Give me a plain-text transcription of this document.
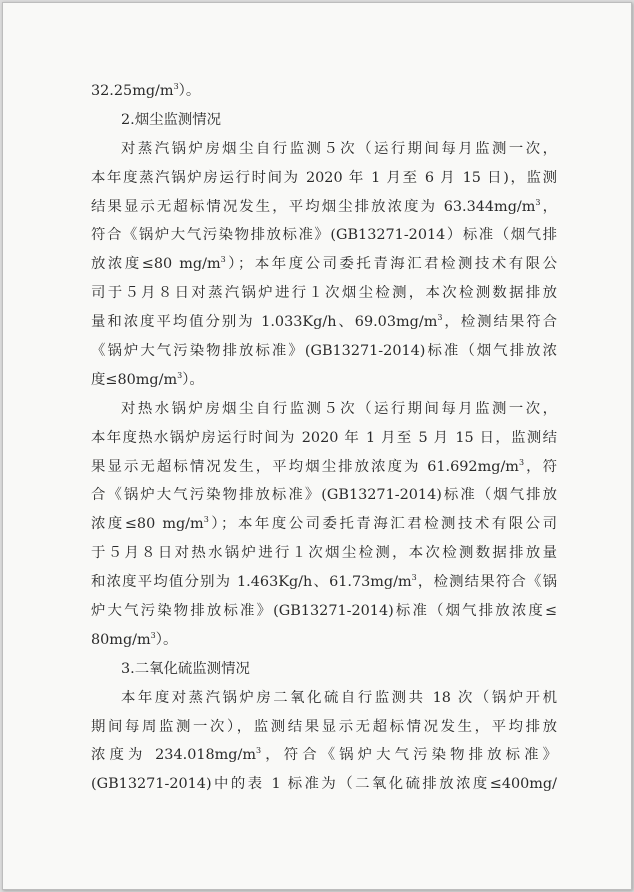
$32.25mg/m^3$）。
2.烟尘监测情况
对蒸汽锅炉房烟尘自行监测５次（运行期间每月监测一次，
本年度蒸汽锅炉房运行时间为 2020 年 1 月至 6 月 15 日)，监测
结果显示无超标情况发生，平均烟尘排放浓度为 $63.344mg/m^3$，
符合《锅炉大气污染物排放标准》(GB13271-2014）标准（烟气排
放浓度≤80 $mg/m^3$）；本年度公司委托青海汇君检测技术有限公
司于５月８日对蒸汽锅炉进行１次烟尘检测，本次检测数据排放
量和浓度平均值分别为 1.033Kg/h、$69.03mg/m^3$，检测结果符合
《锅炉大气污染物排放标准》(GB13271-2014)标准（烟气排放浓
度$\le 80mg/m^3$）。
对热水锅炉房烟尘自行监测５次（运行期间每月监测一次，
本年度热水锅炉房运行时间为 2020 年 1 月至 5 月 15 日，监测结
果显示无超标情况发生，平均烟尘排放浓度为 $61.692mg/m^3$，符
合《锅炉大气污染物排放标准》(GB13271-2014)标准（烟气排放
浓度≤80 $mg/m^3$）；本年度公司委托青海汇君检测技术有限公司
于５月８日对热水锅炉进行１次烟尘检测，本次检测数据排放量
和浓度平均值分别为 1.463Kg/h、$61.73mg/m^3$，检测结果符合《锅
炉大气污染物排放标准》(GB13271-2014)标准（烟气排放浓度≤
$80mg/m^3$）。
3.二氧化硫监测情况
本年度对蒸汽锅炉房二氧化硫自行监测共 18 次（锅炉开机
期间每周监测一次），监测结果显示无超标情况发生，平均排放
浓度为 $234.018mg/m^3$，符合《锅炉大气污染物排放标准》
(GB13271-2014)中的表 1 标准为（二氧化硫排放浓度≤400mg/
